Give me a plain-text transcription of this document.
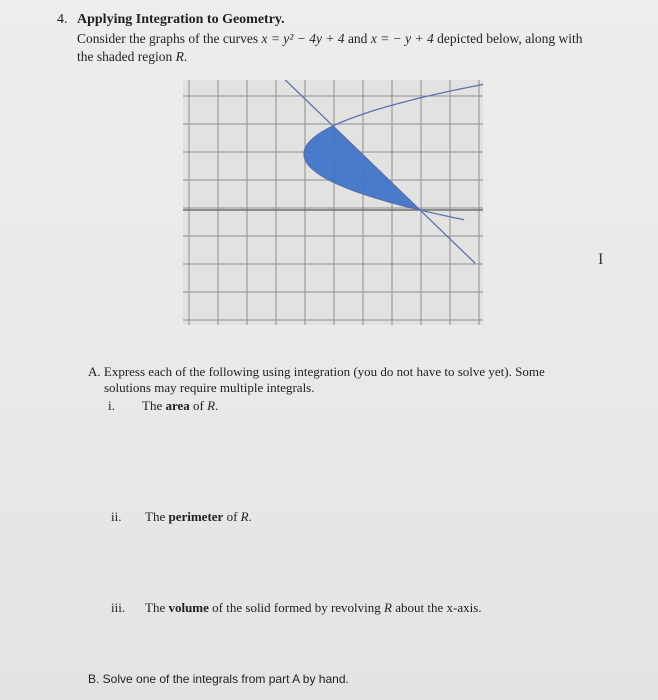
4. Applying Integration to Geometry.
Consider the graphs of the curves x = y² − 4y + 4 and x = − y + 4 depicted below, along with
the shaded region R.
I
A. Express each of the following using integration (you do not have to solve yet). Some
solutions may require multiple integrals.
i. The area of R.
ii. The perimeter of R.
iii. The volume of the solid formed by revolving R about the x-axis.
B. Solve one of the integrals from part A by hand.
